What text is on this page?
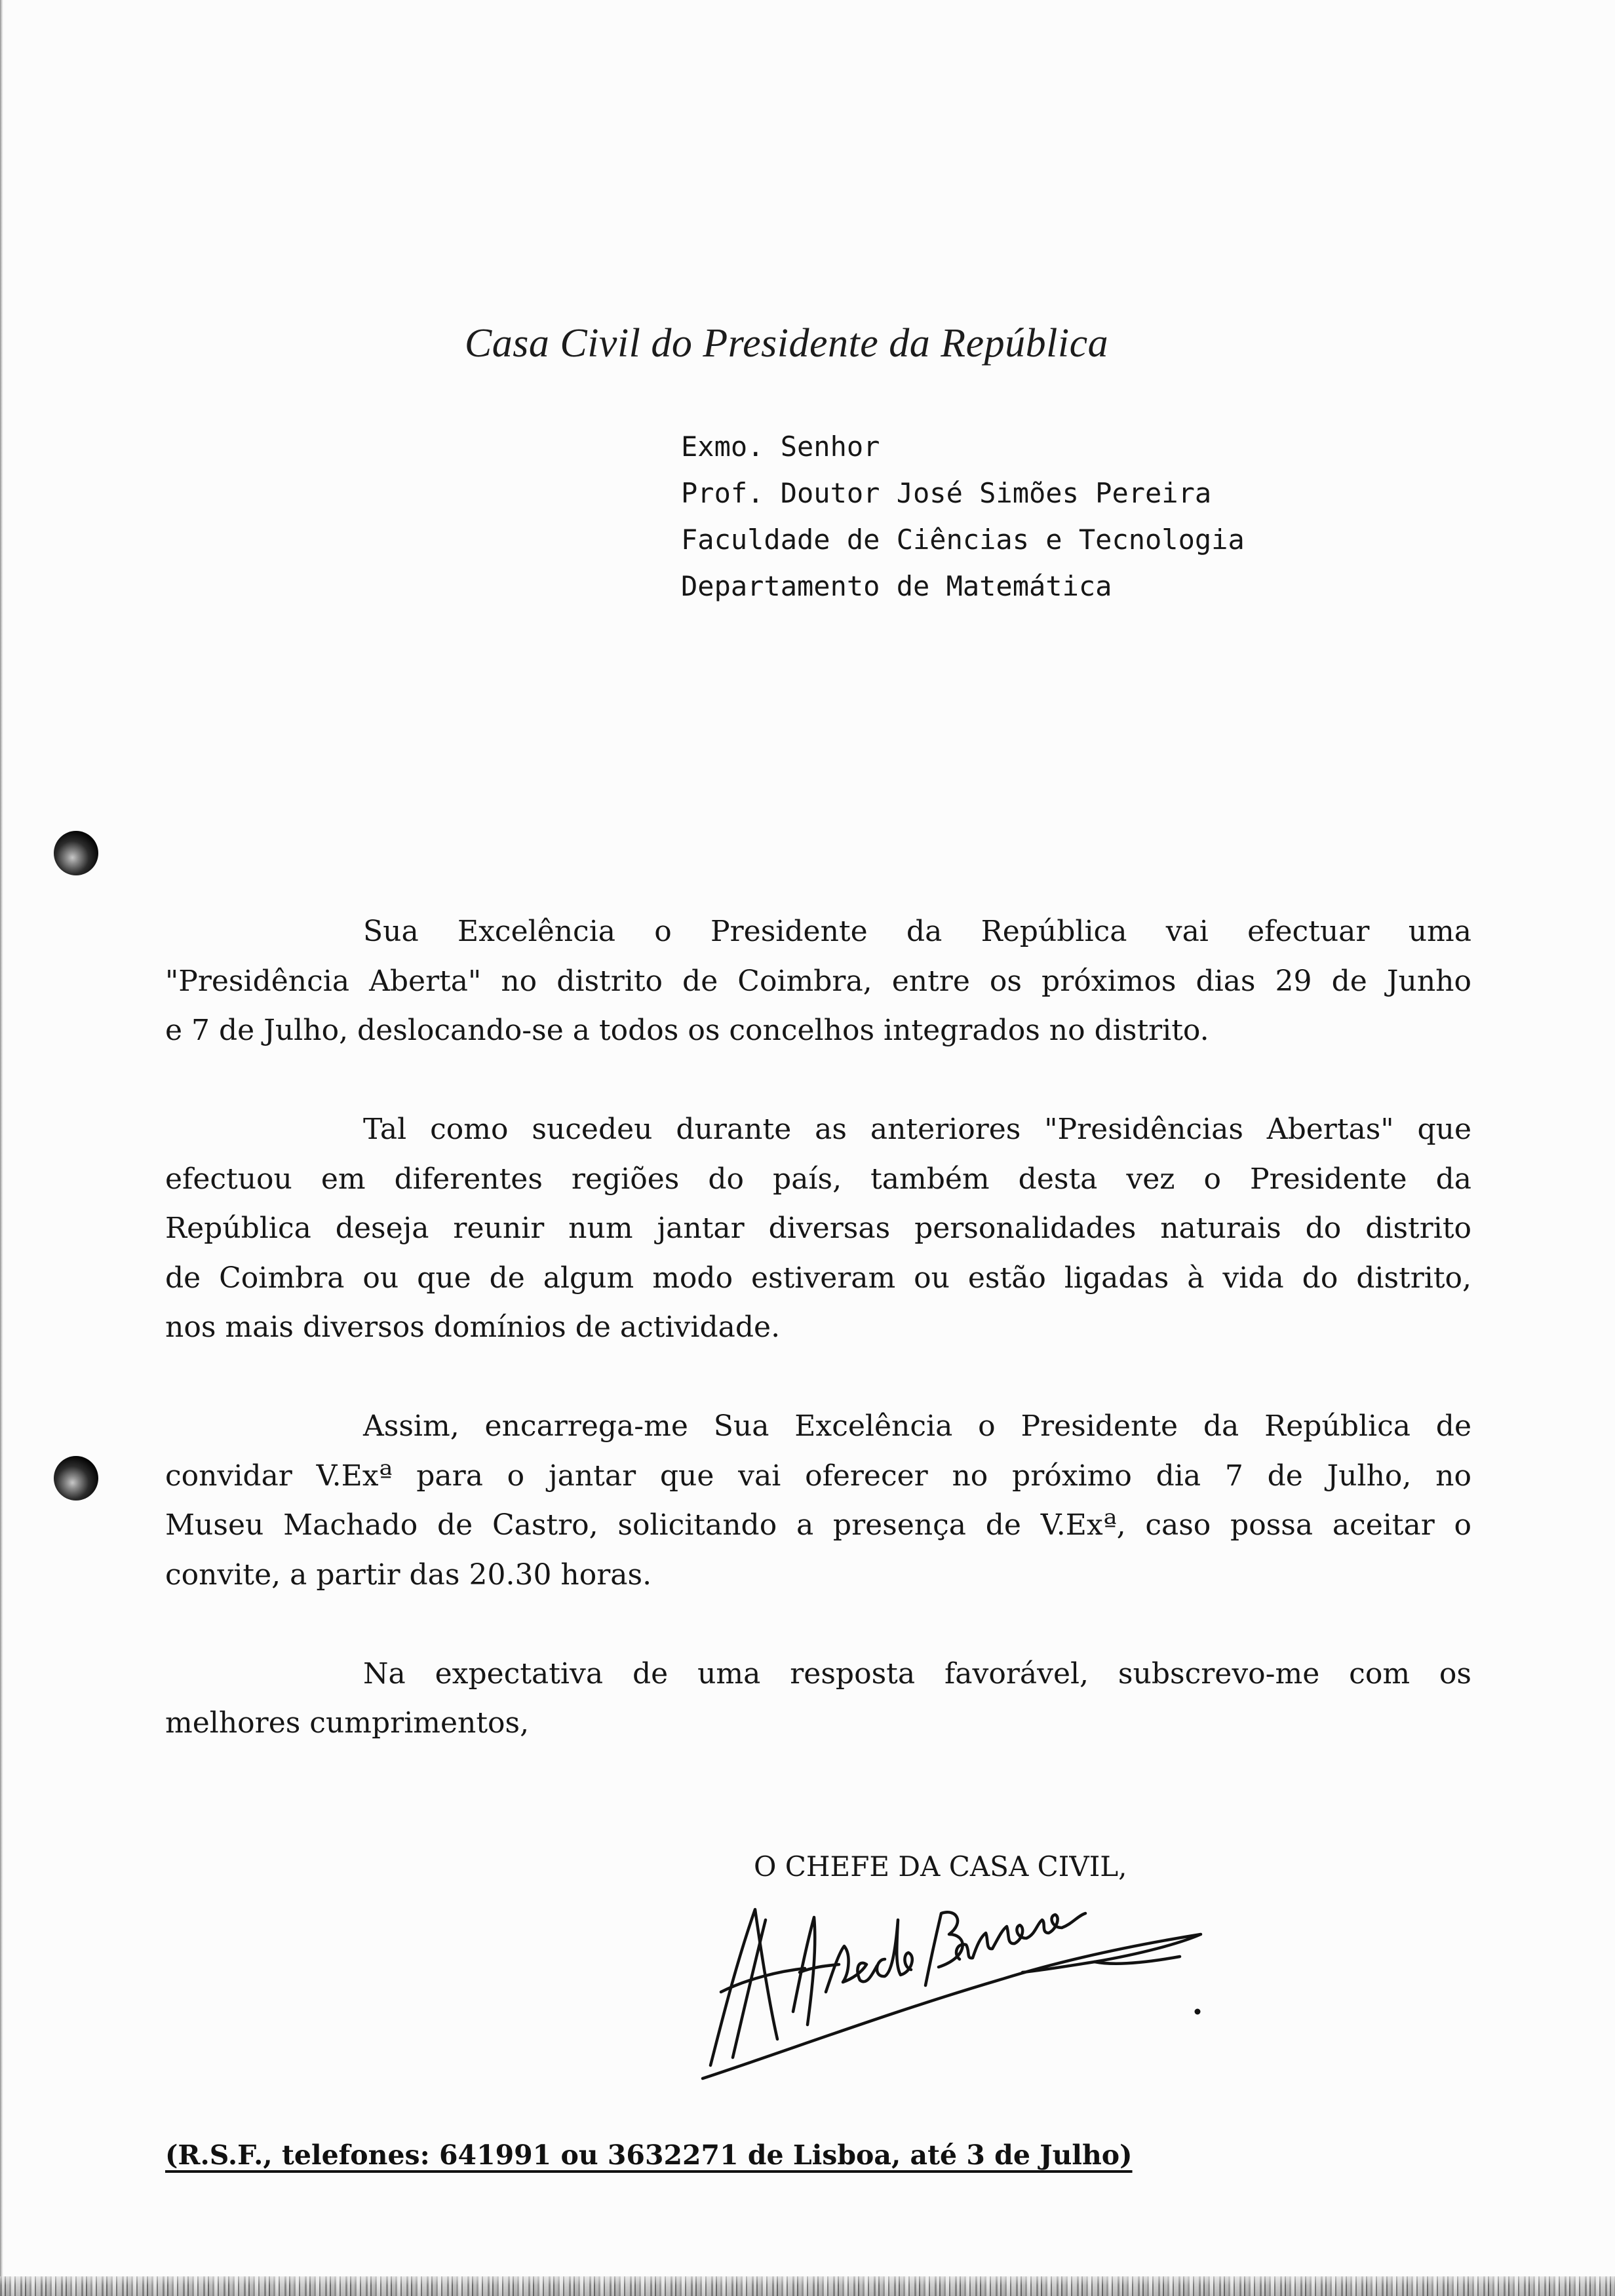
Casa Civil do Presidente da República
Exmo. Senhor
Prof. Doutor José Simões Pereira
Faculdade de Ciências e Tecnologia
Departamento de Matemática
Sua Excelência o Presidente da República vai efectuar uma
"Presidência Aberta" no distrito de Coimbra, entre os próximos dias 29 de Junho
e 7 de Julho, deslocando-se a todos os concelhos integrados no distrito.
Tal como sucedeu durante as anteriores "Presidências Abertas" que
efectuou em diferentes regiões do país, também desta vez o Presidente da
República deseja reunir num jantar diversas personalidades naturais do distrito
de Coimbra ou que de algum modo estiveram ou estão ligadas à vida do distrito,
nos mais diversos domínios de actividade.
Assim, encarrega-me Sua Excelência o Presidente da República de
convidar V.Exª para o jantar que vai oferecer no próximo dia 7 de Julho, no
Museu Machado de Castro, solicitando a presença de V.Exª, caso possa aceitar o
convite, a partir das 20.30 horas.
Na expectativa de uma resposta favorável, subscrevo-me com os
melhores cumprimentos,
O CHEFE DA CASA CIVIL,
(R.S.F., telefones: 641991 ou 3632271 de Lisboa, até 3 de Julho)
